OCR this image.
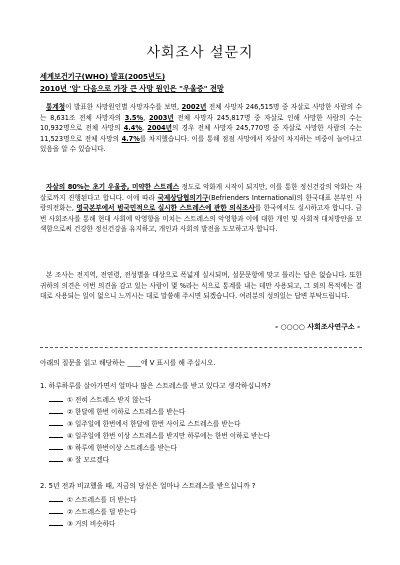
사회조사 설문지
세계보건기구(WHO) 발표(2005년도)
2010년 '암' 다음으로 가장 큰 사망 원인은 "우울증" 전망
통계청이 발표한 사망원인별 사망자수를 보면, 2002년 전체 사망자 246,515명 중 자살로 사망한 사람의 수는 8,631조 전체 사망자의 3.5%, 2003년 전체 사망자 245,817명 중 자살로 인해 사망한 사람의 수는 10,932명으로 전체 사망의 4.4%, 2004년의 경우 전체 사망자 245,770명 중 자살로 사망한 사람의 수는 11,523명으로 전체 사망의 4.7%를 차지했습니다. 이를 통해 점점 사망에서 자살이 차지하는 비중이 늘어나고 있음을 알 수 있습니다.
자살의 80%는 초기 우울증, 미약한 스트레스 정도로 악화게 시작이 되지만, 이를 통한 정신건강의 악화는 자살로까지 진행된다고 합니다. 이에 따라 국제상담협의기구(Befrienders International)의 한국대표 본부인 사랑의전화는, 영국본부에서 범국민적으로 실시한 스트레스에 관한 의식조사를 한국에서도 실시하고자 합니다. 금번 사회조사를 통해 현대 사회에 악영향을 미치는 스트레스의 악영향과 이에 대한 개인 및 사회적 대처방안을 모색함으로써 건강한 정신건강을 유지하고, 개인과 사회의 발전을 도모하고자 합니다.
본 조사는 전지역, 전연령, 전성별을 대상으로 폭넓게 실시되며, 설문문항에 맞고 틀리는 답은 없습니다. 또한 귀하의 의견은 이번 의견을 감고 있는 사람이 몇 %라는 식으로 통계를 내는 데만 사용되고, 그 외의 목적에는 결대로 사용되는 일이 없으니 느끼시는 대로 말씀해 주시면 되겠습니다. 여러분의 성의있는 답변 부탁드립니다.
- ○○○○ 사회조사연구소 -
아래의 질문을 읽고 해당하는 ____에 V 표시를 해 주십시오.
1. 하루하루를 살아가면서 얼마나 많은 스트레스를 받고 있다고 생각하십니까?
① 전혀 스트레스 받지 않는다
② 한달에 한번 이하로 스트레스를 받는다
③ 일주일에 한번에서 한달에 한번 사이로 스트레스를 받는다
④ 일주일에 한번 이상 스트레스를 받지만 하루에는 한번 이하로 받는다
⑤ 하루에 한번이상 스트레스를 받는다
⑥ 잘 모르겠다
2. 5년 전과 비교했을 때, 지금의 당신은 얼마나 스트레스를 받으십니까 ?
① 스트레스를 더 받는다
② 스트레스를 덜 받는다
③ 거의 비슷하다
